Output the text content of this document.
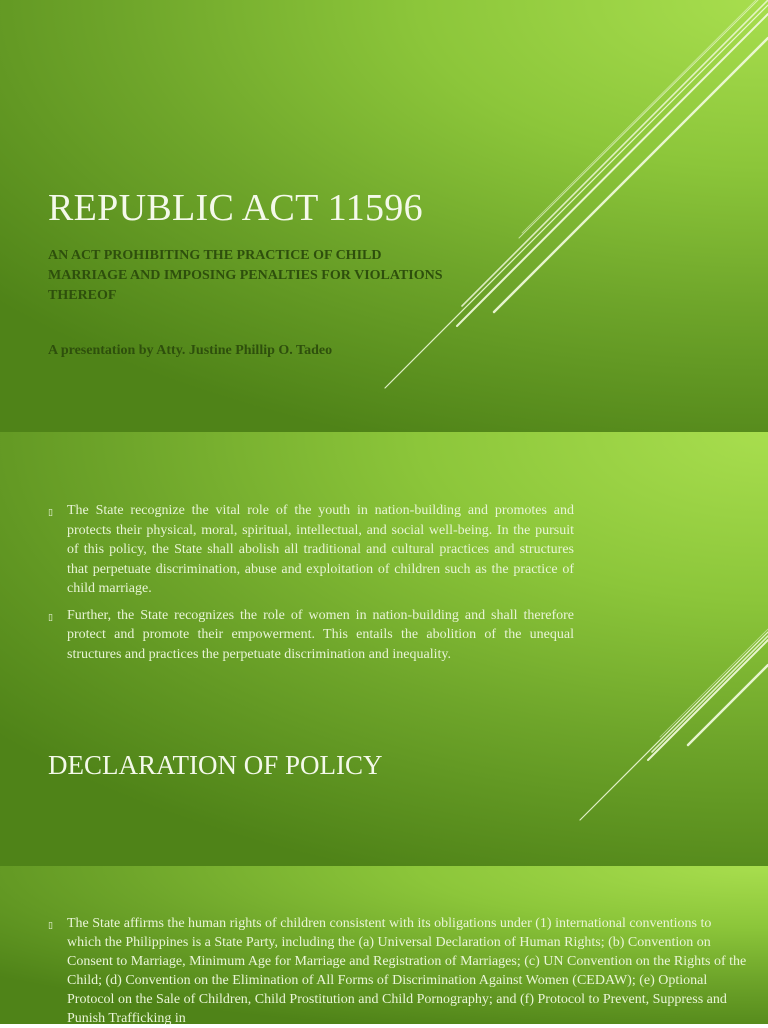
REPUBLIC ACT 11596

AN ACT PROHIBITING THE PRACTICE OF CHILD MARRIAGE AND IMPOSING PENALTIES FOR VIOLATIONS THEREOF

A presentation by Atty. Justine Phillip O. Tadeo

▯ The State recognize the vital role of the youth in nation-building and promotes and protects their physical, moral, spiritual, intellectual, and social well-being. In the pursuit of this policy, the State shall abolish all traditional and cultural practices and structures that perpetuate discrimination, abuse and exploitation of children such as the practice of child marriage.
▯ Further, the State recognizes the role of women in nation-building and shall therefore protect and promote their empowerment. This entails the abolition of the unequal structures and practices the perpetuate discrimination and inequality.
DECLARATION OF POLICY
▯ The State affirms the human rights of children consistent with its obligations under (1) international conventions to which the Philippines is a State Party, including the (a) Universal Declaration of Human Rights; (b) Convention on Consent to Marriage, Minimum Age for Marriage and Registration of Marriages; (c) UN Convention on the Rights of the Child; (d) Convention on the Elimination of All Forms of Discrimination Against Women (CEDAW); (e) Optional Protocol on the Sale of Children, Child Prostitution and Child Pornography; and (f) Protocol to Prevent, Suppress and Punish Trafficking in
